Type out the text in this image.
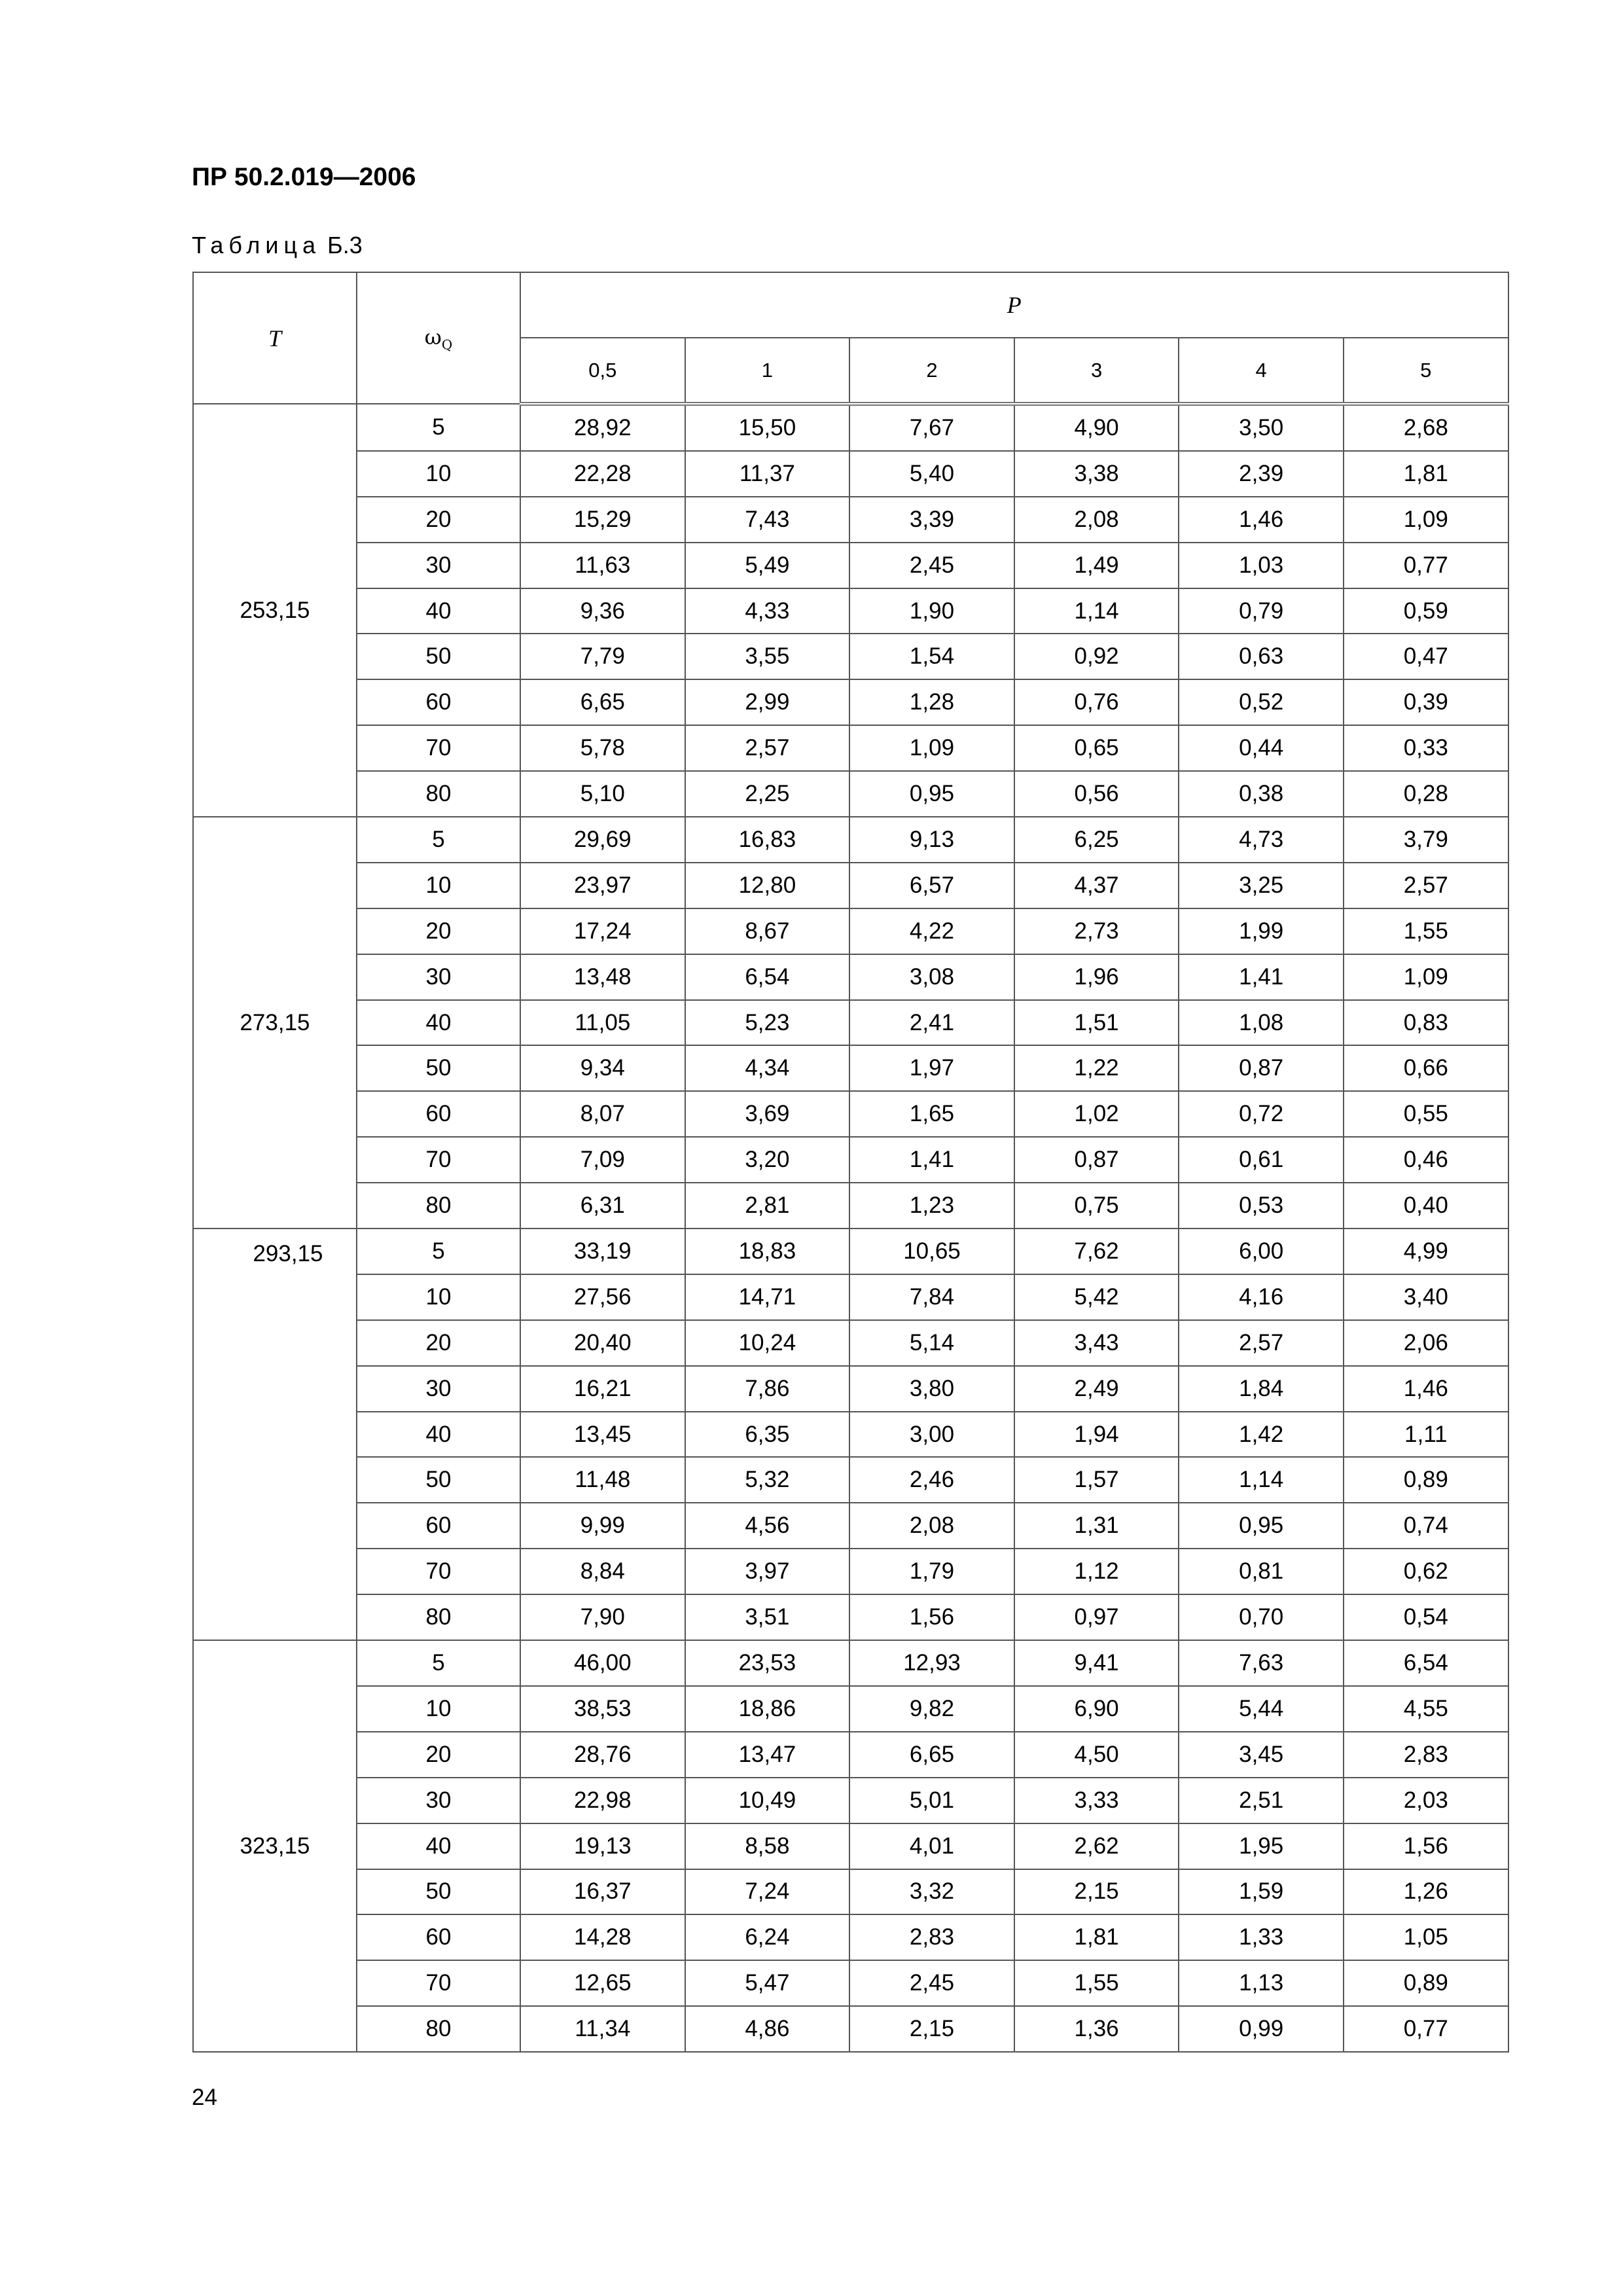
ПР 50.2.019—2006
Таблица Б.3
T	$\omega_Q$	P					
		0,5	1	2	3	4	5
253,15	5	28,92	15,50	7,67	4,90	3,50	2,68
	10	22,28	11,37	5,40	3,38	2,39	1,81
	20	15,29	7,43	3,39	2,08	1,46	1,09
	30	11,63	5,49	2,45	1,49	1,03	0,77
	40	9,36	4,33	1,90	1,14	0,79	0,59
	50	7,79	3,55	1,54	0,92	0,63	0,47
	60	6,65	2,99	1,28	0,76	0,52	0,39
	70	5,78	2,57	1,09	0,65	0,44	0,33
	80	5,10	2,25	0,95	0,56	0,38	0,28
273,15	5	29,69	16,83	9,13	6,25	4,73	3,79
	10	23,97	12,80	6,57	4,37	3,25	2,57
	20	17,24	8,67	4,22	2,73	1,99	1,55
	30	13,48	6,54	3,08	1,96	1,41	1,09
	40	11,05	5,23	2,41	1,51	1,08	0,83
	50	9,34	4,34	1,97	1,22	0,87	0,66
	60	8,07	3,69	1,65	1,02	0,72	0,55
	70	7,09	3,20	1,41	0,87	0,61	0,46
	80	6,31	2,81	1,23	0,75	0,53	0,40
293,15	5	33,19	18,83	10,65	7,62	6,00	4,99
	10	27,56	14,71	7,84	5,42	4,16	3,40
	20	20,40	10,24	5,14	3,43	2,57	2,06
	30	16,21	7,86	3,80	2,49	1,84	1,46
	40	13,45	6,35	3,00	1,94	1,42	1,11
	50	11,48	5,32	2,46	1,57	1,14	0,89
	60	9,99	4,56	2,08	1,31	0,95	0,74
	70	8,84	3,97	1,79	1,12	0,81	0,62
	80	7,90	3,51	1,56	0,97	0,70	0,54
323,15	5	46,00	23,53	12,93	9,41	7,63	6,54
	10	38,53	18,86	9,82	6,90	5,44	4,55
	20	28,76	13,47	6,65	4,50	3,45	2,83
	30	22,98	10,49	5,01	3,33	2,51	2,03
	40	19,13	8,58	4,01	2,62	1,95	1,56
	50	16,37	7,24	3,32	2,15	1,59	1,26
	60	14,28	6,24	2,83	1,81	1,33	1,05
	70	12,65	5,47	2,45	1,55	1,13	0,89
	80	11,34	4,86	2,15	1,36	0,99	0,77
24
